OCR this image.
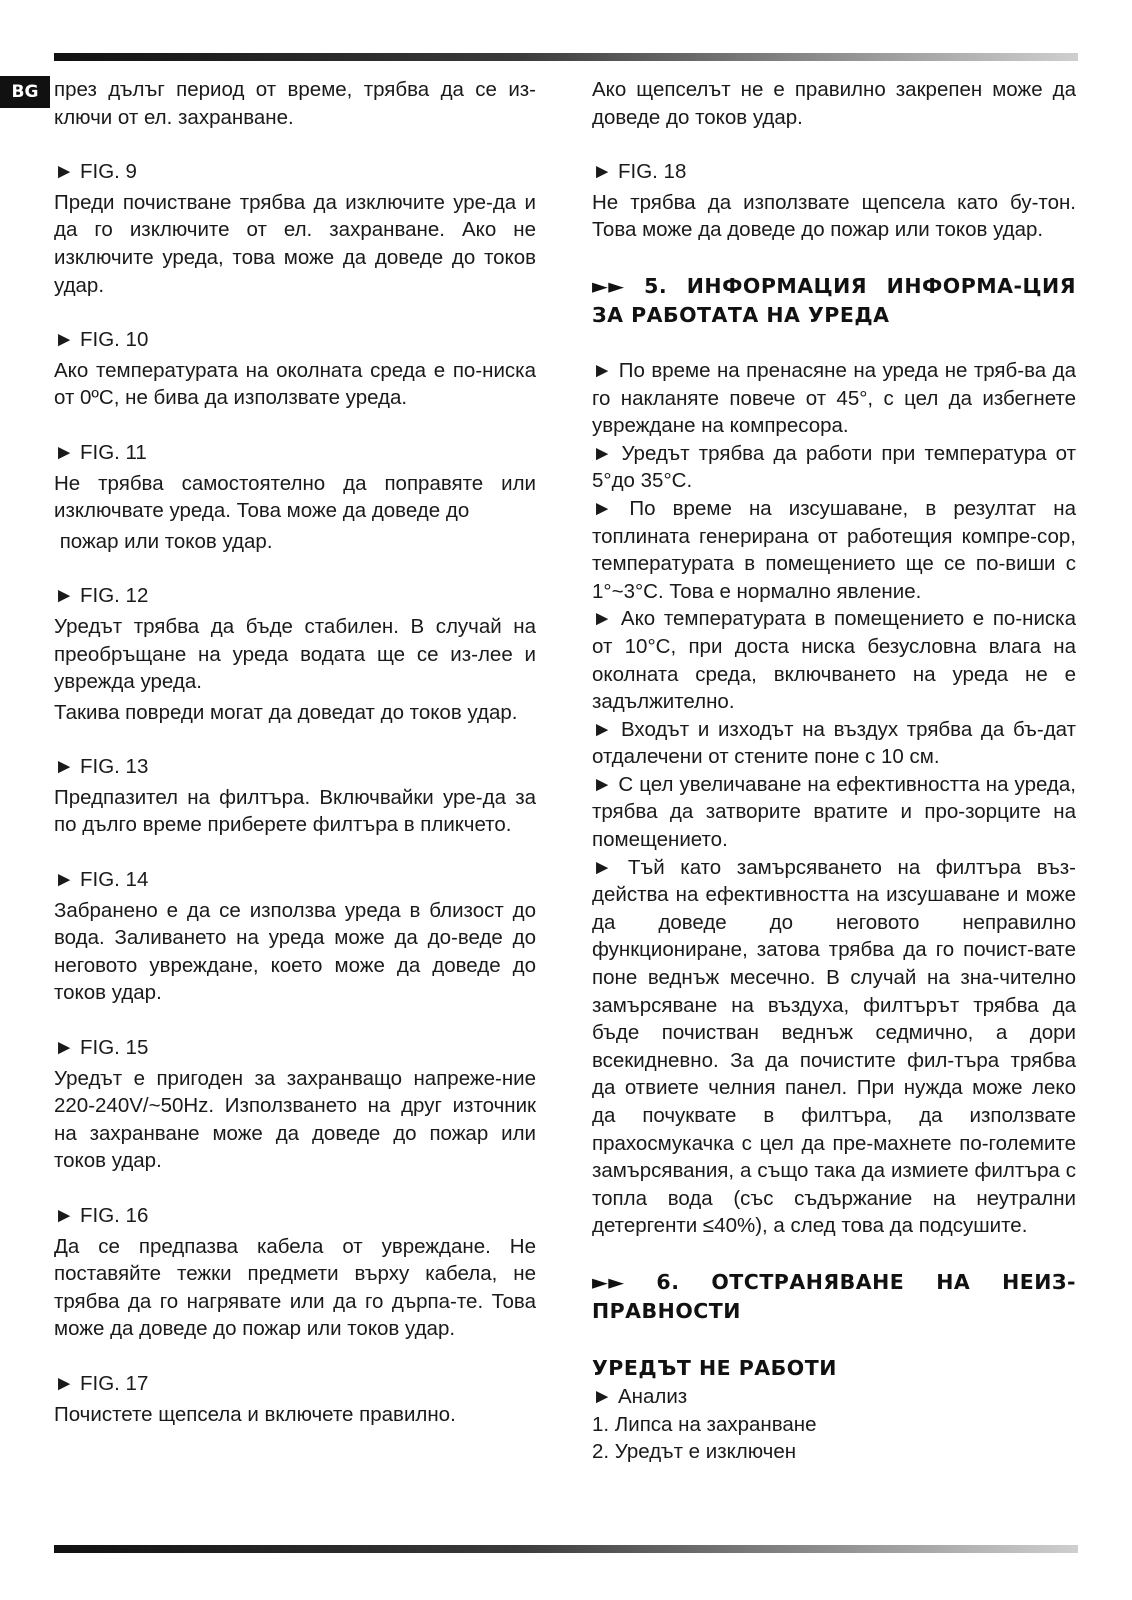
BG през дълъг период от време, трябва да се из-ключи от ел. захранване.

► FIG. 9

Преди почистване трябва да изключите уре-да и да го изключите от ел. захранване. Ако не изключите уреда, това може да доведе до токов удар.

► FIG. 10

Ако температурата на околната среда е по-ниска от 0ºC, не бива да използвате уреда.

► FIG. 11

Не трябва самостоятелно да поправяте или изключвате уреда. Това може да доведе до

пожар или токов удар.

► FIG. 12

Уредът трябва да бъде стабилен. В случай на преобръщане на уреда водата ще се из-лее и уврежда уреда.

Такива повреди могат да доведат до токов удар.

► FIG. 13

Предпазител на филтъра. Включвайки уре-да за по дълго време приберете филтъра в пликчето.

► FIG. 14

Забранено е да се използва уреда в близост до вода. Заливането на уреда може да до-веде до неговото увреждане, което може да доведе до токов удар.

► FIG. 15

Уредът е пригоден за захранващо напреже-ние 220-240V/~50Hz. Използването на друг източник на захранване може да доведе до пожар или токов удар.

► FIG. 16

Да се предпазва кабела от увреждане. Не поставяйте тежки предмети върху кабела, не трябва да го нагрявате или да го дърпа-те. Това може да доведе до пожар или токов удар.

► FIG. 17

Почистете щепсела и включете правилно.

Ако щепселът не е правилно закрепен може да доведе до токов удар.

► FIG. 18

Не трябва да използвате щепсела като бу-тон. Това може да доведе до пожар или токов удар.

►► 5. ИНФОРМАЦИЯ ИНФОРМА-ЦИЯ ЗА РАБОТАТА НА УРЕДА

► По време на пренасяне на уреда не тряб-ва да го накланяте повече от 45°, с цел да избегнете увреждане на компресора.

► Уредът трябва да работи при температура от 5°до 35°C.

► По време на изсушаване, в резултат на топлината генерирана от работещия компре-сор, температурата в помещението ще се по-виши с 1°~3°C. Това е нормално явление.

► Ако температурата в помещението е по-ниска от 10°C, при доста ниска безусловна влага на околната среда, включването на уреда не е задължително.

► Входът и изходът на въздух трябва да бъ-дат отдалечени от стените поне с 10 см.

► С цел увеличаване на ефективността на уреда, трябва да затворите вратите и про-зорците на помещението.

► Тъй като замърсяването на филтъра въз-действа на ефективността на изсушаване и може да доведе до неговото неправилно функциониране, затова трябва да го почист-вате поне веднъж месечно. В случай на зна-чително замърсяване на въздуха, филтърът трябва да бъде почистван веднъж седмично, а дори всекидневно. За да почистите фил-търа трябва да отвиете челния панел. При нужда може леко да почуквате в филтъра, да използвате прахосмукачка с цел да пре-махнете по-големите замърсявания, а също така да измиете филтъра с топла вода (със съдържание на неутрални детергенти ≤40%), а след това да подсушите.

►► 6. ОТСТРАНЯВАНЕ НА НЕИЗ-ПРАВНОСТИ
УРЕДЪТ НЕ РАБОТИ

► Анализ

1. Липса на захранване

2. Уредът е изключен
